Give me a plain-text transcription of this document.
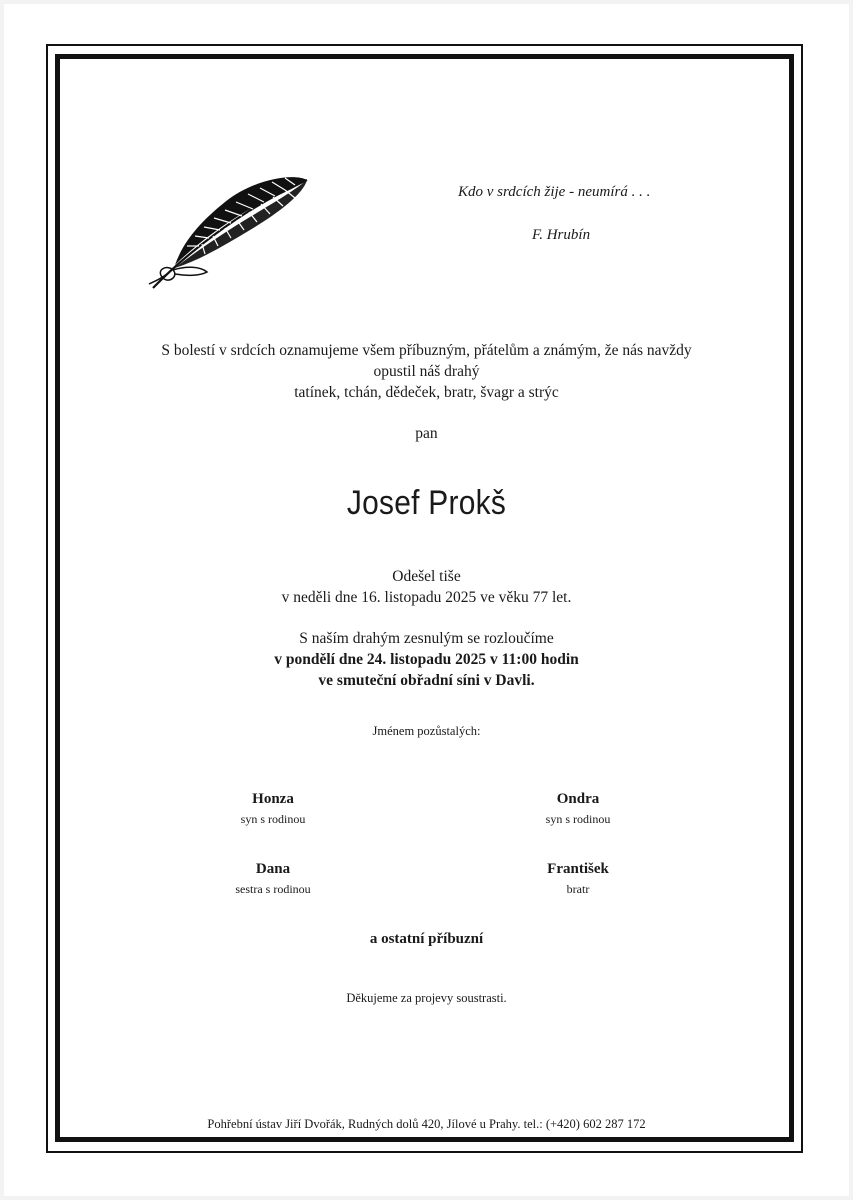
Kdo v srdcích žije - neumírá . . .
F. Hrubín
S bolestí v srdcích oznamujeme všem příbuzným, přátelům a známým, že nás navždy
opustil náš drahý
tatínek, tchán, dědeček, bratr, švagr a strýc
pan
Josef Prokš
Odešel tiše
v neděli dne 16. listopadu 2025 ve věku 77 let.
S naším drahým zesnulým se rozloučíme
v pondělí dne 24. listopadu 2025 v 11:00 hodin
ve smuteční obřadní síni v Davli.
Jménem pozůstalých:
Honza
syn s rodinou
Ondra
syn s rodinou
Dana
sestra s rodinou
František
bratr
a ostatní příbuzní
Děkujeme za projevy soustrasti.
Pohřební ústav Jiří Dvořák, Rudných dolů 420, Jílové u Prahy. tel.: (+420) 602 287 172
